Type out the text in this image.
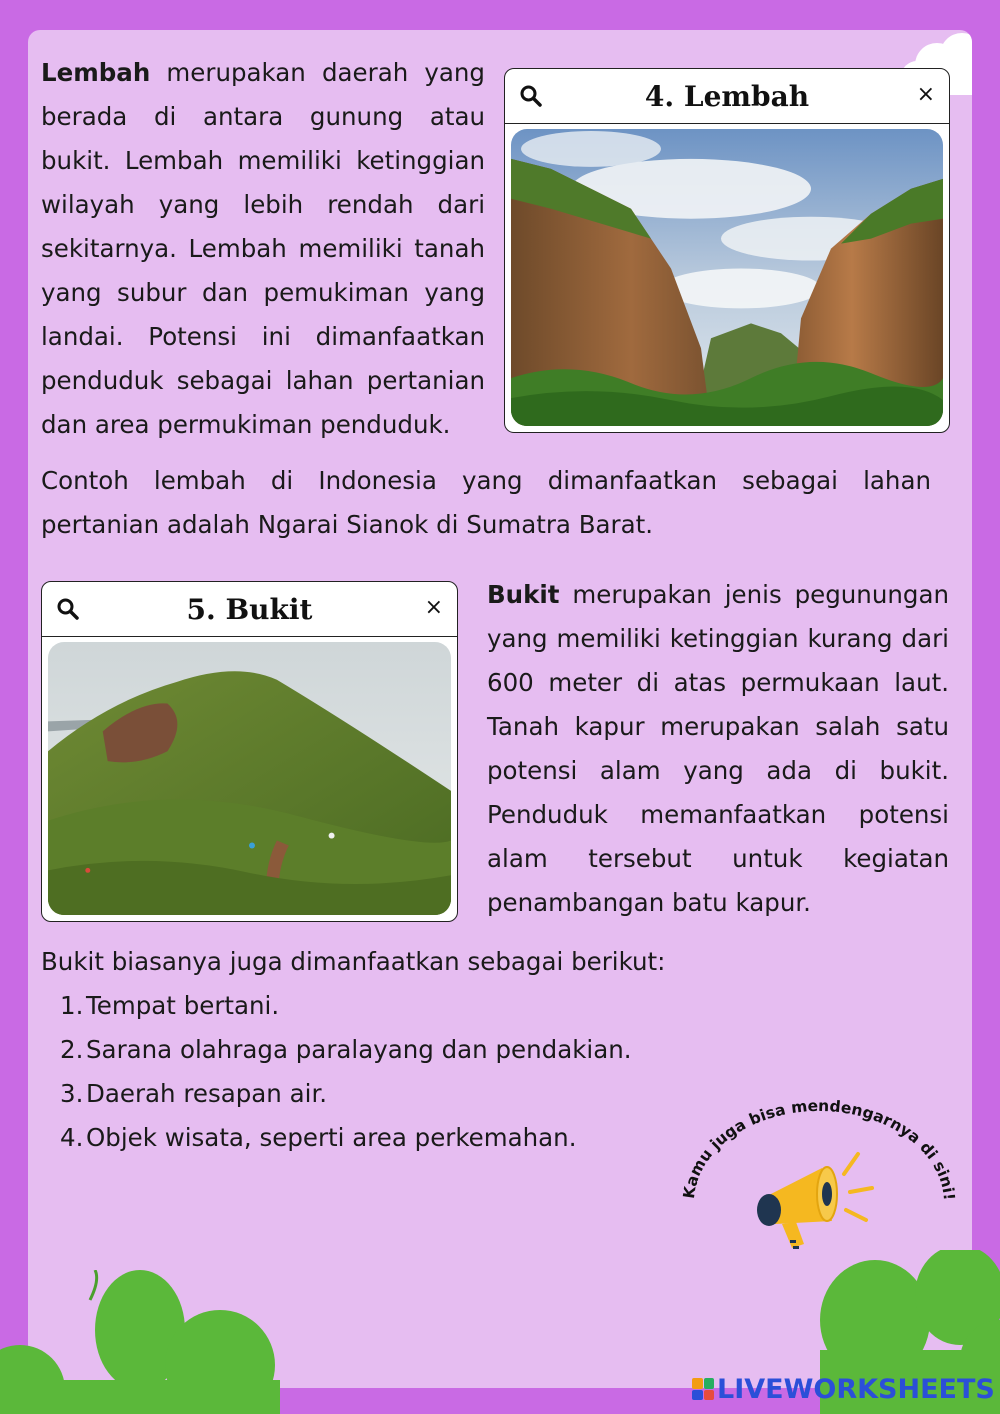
Lembah merupakan daerah yang berada di antara gunung atau bukit. Lembah memiliki ketinggian wilayah yang lebih rendah dari sekitarnya. Lembah memiliki tanah yang subur dan pemukiman yang landai. Potensi ini dimanfaatkan penduduk sebagai lahan pertanian dan area permukiman penduduk.

4. Lembah	×

Contoh lembah di Indonesia yang dimanfaatkan sebagai lahan pertanian adalah Ngarai Sianok di Sumatra Barat.

5. Bukit	× Bukit merupakan jenis pegunungan yang memiliki ketinggian kurang dari 600 meter di atas permukaan laut. Tanah kapur merupakan salah satu potensi alam yang ada di bukit. Penduduk memanfaatkan potensi alam tersebut untuk kegiatan penambangan batu kapur.

Bukit biasanya juga dimanfaatkan sebagai berikut:

1. Tempat bertani.
2. Sarana olahraga paralayang dan pendakian.
3. Daerah resapan air.
4. Objek wisata, seperti area perkemahan.
Kamu juga bisa mendengarnya di sini!
LIVEWORKSHEETS
